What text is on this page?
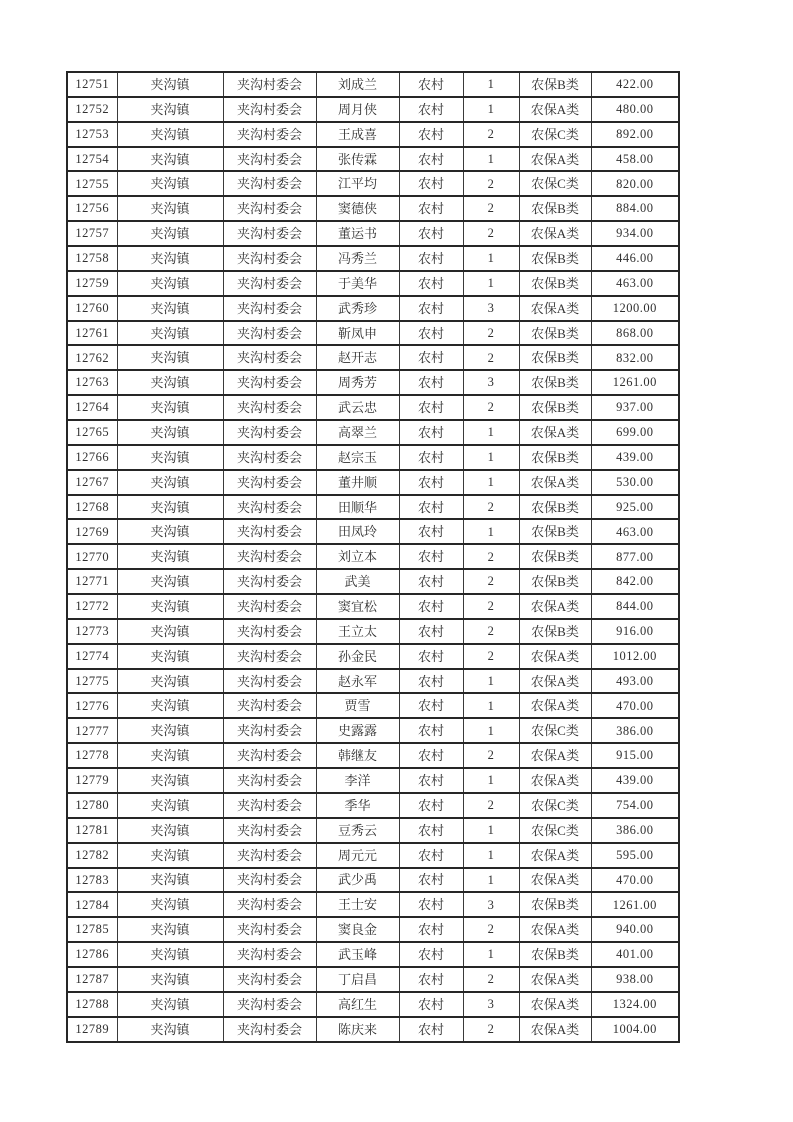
12751	夹沟镇	夹沟村委会	刘成兰	农村	1	农保B类	422.00
12752	夹沟镇	夹沟村委会	周月侠	农村	1	农保A类	480.00
12753	夹沟镇	夹沟村委会	王成喜	农村	2	农保C类	892.00
12754	夹沟镇	夹沟村委会	张传霖	农村	1	农保A类	458.00
12755	夹沟镇	夹沟村委会	江平均	农村	2	农保C类	820.00
12756	夹沟镇	夹沟村委会	窦德侠	农村	2	农保B类	884.00
12757	夹沟镇	夹沟村委会	董运书	农村	2	农保A类	934.00
12758	夹沟镇	夹沟村委会	冯秀兰	农村	1	农保B类	446.00
12759	夹沟镇	夹沟村委会	于美华	农村	1	农保B类	463.00
12760	夹沟镇	夹沟村委会	武秀珍	农村	3	农保A类	1200.00
12761	夹沟镇	夹沟村委会	靳凤申	农村	2	农保B类	868.00
12762	夹沟镇	夹沟村委会	赵开志	农村	2	农保B类	832.00
12763	夹沟镇	夹沟村委会	周秀芳	农村	3	农保B类	1261.00
12764	夹沟镇	夹沟村委会	武云忠	农村	2	农保B类	937.00
12765	夹沟镇	夹沟村委会	高翠兰	农村	1	农保A类	699.00
12766	夹沟镇	夹沟村委会	赵宗玉	农村	1	农保B类	439.00
12767	夹沟镇	夹沟村委会	董井顺	农村	1	农保A类	530.00
12768	夹沟镇	夹沟村委会	田顺华	农村	2	农保B类	925.00
12769	夹沟镇	夹沟村委会	田凤玲	农村	1	农保B类	463.00
12770	夹沟镇	夹沟村委会	刘立本	农村	2	农保B类	877.00
12771	夹沟镇	夹沟村委会	武美	农村	2	农保B类	842.00
12772	夹沟镇	夹沟村委会	窦宜松	农村	2	农保A类	844.00
12773	夹沟镇	夹沟村委会	王立太	农村	2	农保B类	916.00
12774	夹沟镇	夹沟村委会	孙金民	农村	2	农保A类	1012.00
12775	夹沟镇	夹沟村委会	赵永军	农村	1	农保A类	493.00
12776	夹沟镇	夹沟村委会	贾雪	农村	1	农保A类	470.00
12777	夹沟镇	夹沟村委会	史露露	农村	1	农保C类	386.00
12778	夹沟镇	夹沟村委会	韩继友	农村	2	农保A类	915.00
12779	夹沟镇	夹沟村委会	李洋	农村	1	农保A类	439.00
12780	夹沟镇	夹沟村委会	季华	农村	2	农保C类	754.00
12781	夹沟镇	夹沟村委会	豆秀云	农村	1	农保C类	386.00
12782	夹沟镇	夹沟村委会	周元元	农村	1	农保A类	595.00
12783	夹沟镇	夹沟村委会	武少禹	农村	1	农保A类	470.00
12784	夹沟镇	夹沟村委会	王士安	农村	3	农保B类	1261.00
12785	夹沟镇	夹沟村委会	窦良金	农村	2	农保A类	940.00
12786	夹沟镇	夹沟村委会	武玉峰	农村	1	农保B类	401.00
12787	夹沟镇	夹沟村委会	丁启昌	农村	2	农保A类	938.00
12788	夹沟镇	夹沟村委会	高红生	农村	3	农保A类	1324.00
12789	夹沟镇	夹沟村委会	陈庆来	农村	2	农保A类	1004.00
